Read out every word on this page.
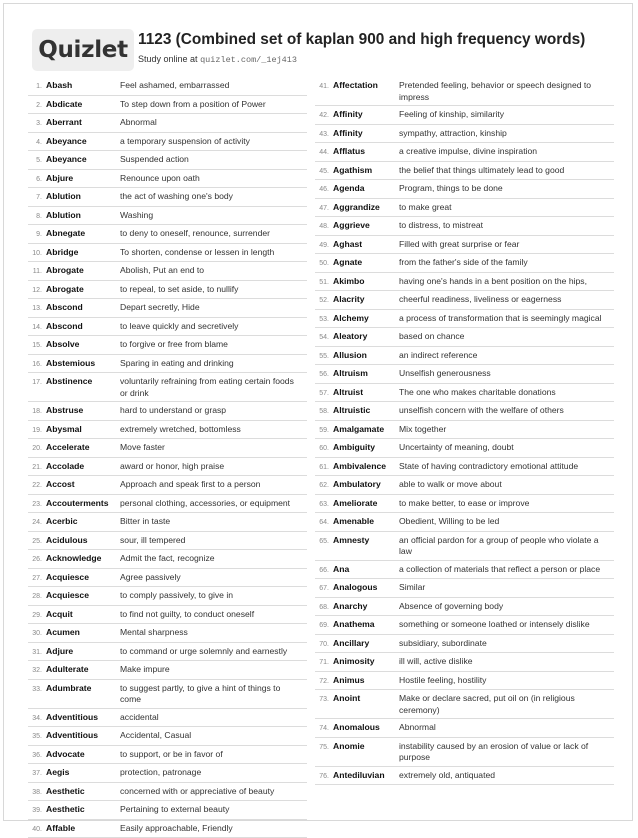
Quizlet 1123 (Combined set of kaplan 900 and high frequency words)
Study online at quizlet.com/_1ej413
1. Abash	Feel ashamed, embarrassed
2. Abdicate	To step down from a position of Power
3. Aberrant	Abnormal
4. Abeyance	a temporary suspension of activity
5. Abeyance	Suspended action
6. Abjure	Renounce upon oath
7. Ablution	the act of washing one's body
8. Ablution	Washing
9. Abnegate	to deny to oneself, renounce, surrender
10. Abridge	To shorten, condense or lessen in length
11. Abrogate	Abolish, Put an end to
12. Abrogate	to repeal, to set aside, to nullify
13. Abscond	Depart secretly, Hide
14. Abscond	to leave quickly and secretively
15. Absolve	to forgive or free from blame
16. Abstemious	Sparing in eating and drinking
17. Abstinence	voluntarily refraining from eating certain foods or drink
18. Abstruse	hard to understand or grasp
19. Abysmal	extremely wretched, bottomless
20. Accelerate	Move faster
21. Accolade	award or honor, high praise
22. Accost	Approach and speak first to a person
23. Accouterments	personal clothing, accessories, or equipment
24. Acerbic	Bitter in taste
25. Acidulous	sour, ill tempered
26. Acknowledge	Admit the fact, recognize
27. Acquiesce	Agree passively
28. Acquiesce	to comply passively, to give in
29. Acquit	to find not guilty, to conduct oneself
30. Acumen	Mental sharpness
31. Adjure	to command or urge solemnly and earnestly
32. Adulterate	Make impure
33. Adumbrate	to suggest partly, to give a hint of things to come
34. Adventitious	accidental
35. Adventitious	Accidental, Casual
36. Advocate	to support, or be in favor of
37. Aegis	protection, patronage
38. Aesthetic	concerned with or appreciative of beauty
39. Aesthetic	Pertaining to external beauty
40. Affable	Easily approachable, Friendly
41. Affectation	Pretended feeling, behavior or speech designed to impress
42. Affinity	Feeling of kinship, similarity
43. Affinity	sympathy, attraction, kinship
44. Afflatus	a creative impulse, divine inspiration
45. Agathism	the belief that things ultimately lead to good
46. Agenda	Program, things to be done
47. Aggrandize	to make great
48. Aggrieve	to distress, to mistreat
49. Aghast	Filled with great surprise or fear
50. Agnate	from the father's side of the family
51. Akimbo	having one's hands in a bent position on the hips,
52. Alacrity	cheerful readiness, liveliness or eagerness
53. Alchemy	a process of transformation that is seemingly magical
54. Aleatory	based on chance
55. Allusion	an indirect reference
56. Altruism	Unselfish generousness
57. Altruist	The one who makes charitable donations
58. Altruistic	unselfish concern with the welfare of others
59. Amalgamate	Mix together
60. Ambiguity	Uncertainty of meaning, doubt
61. Ambivalence	State of having contradictory emotional attitude
62. Ambulatory	able to walk or move about
63. Ameliorate	to make better, to ease or improve
64. Amenable	Obedient, Willing to be led
65. Amnesty	an official pardon for a group of people who violate a law
66. Ana	a collection of materials that reflect a person or place
67. Analogous	Similar
68. Anarchy	Absence of governing body
69. Anathema	something or someone loathed or intensely dislike
70. Ancillary	subsidiary, subordinate
71. Animosity	ill will, active dislike
72. Animus	Hostile feeling, hostility
73. Anoint	Make or declare sacred, put oil on (in religious ceremony)
74. Anomalous	Abnormal
75. Anomie	instability caused by an erosion of value or lack of purpose
76. Antediluvian	extremely old, antiquated
